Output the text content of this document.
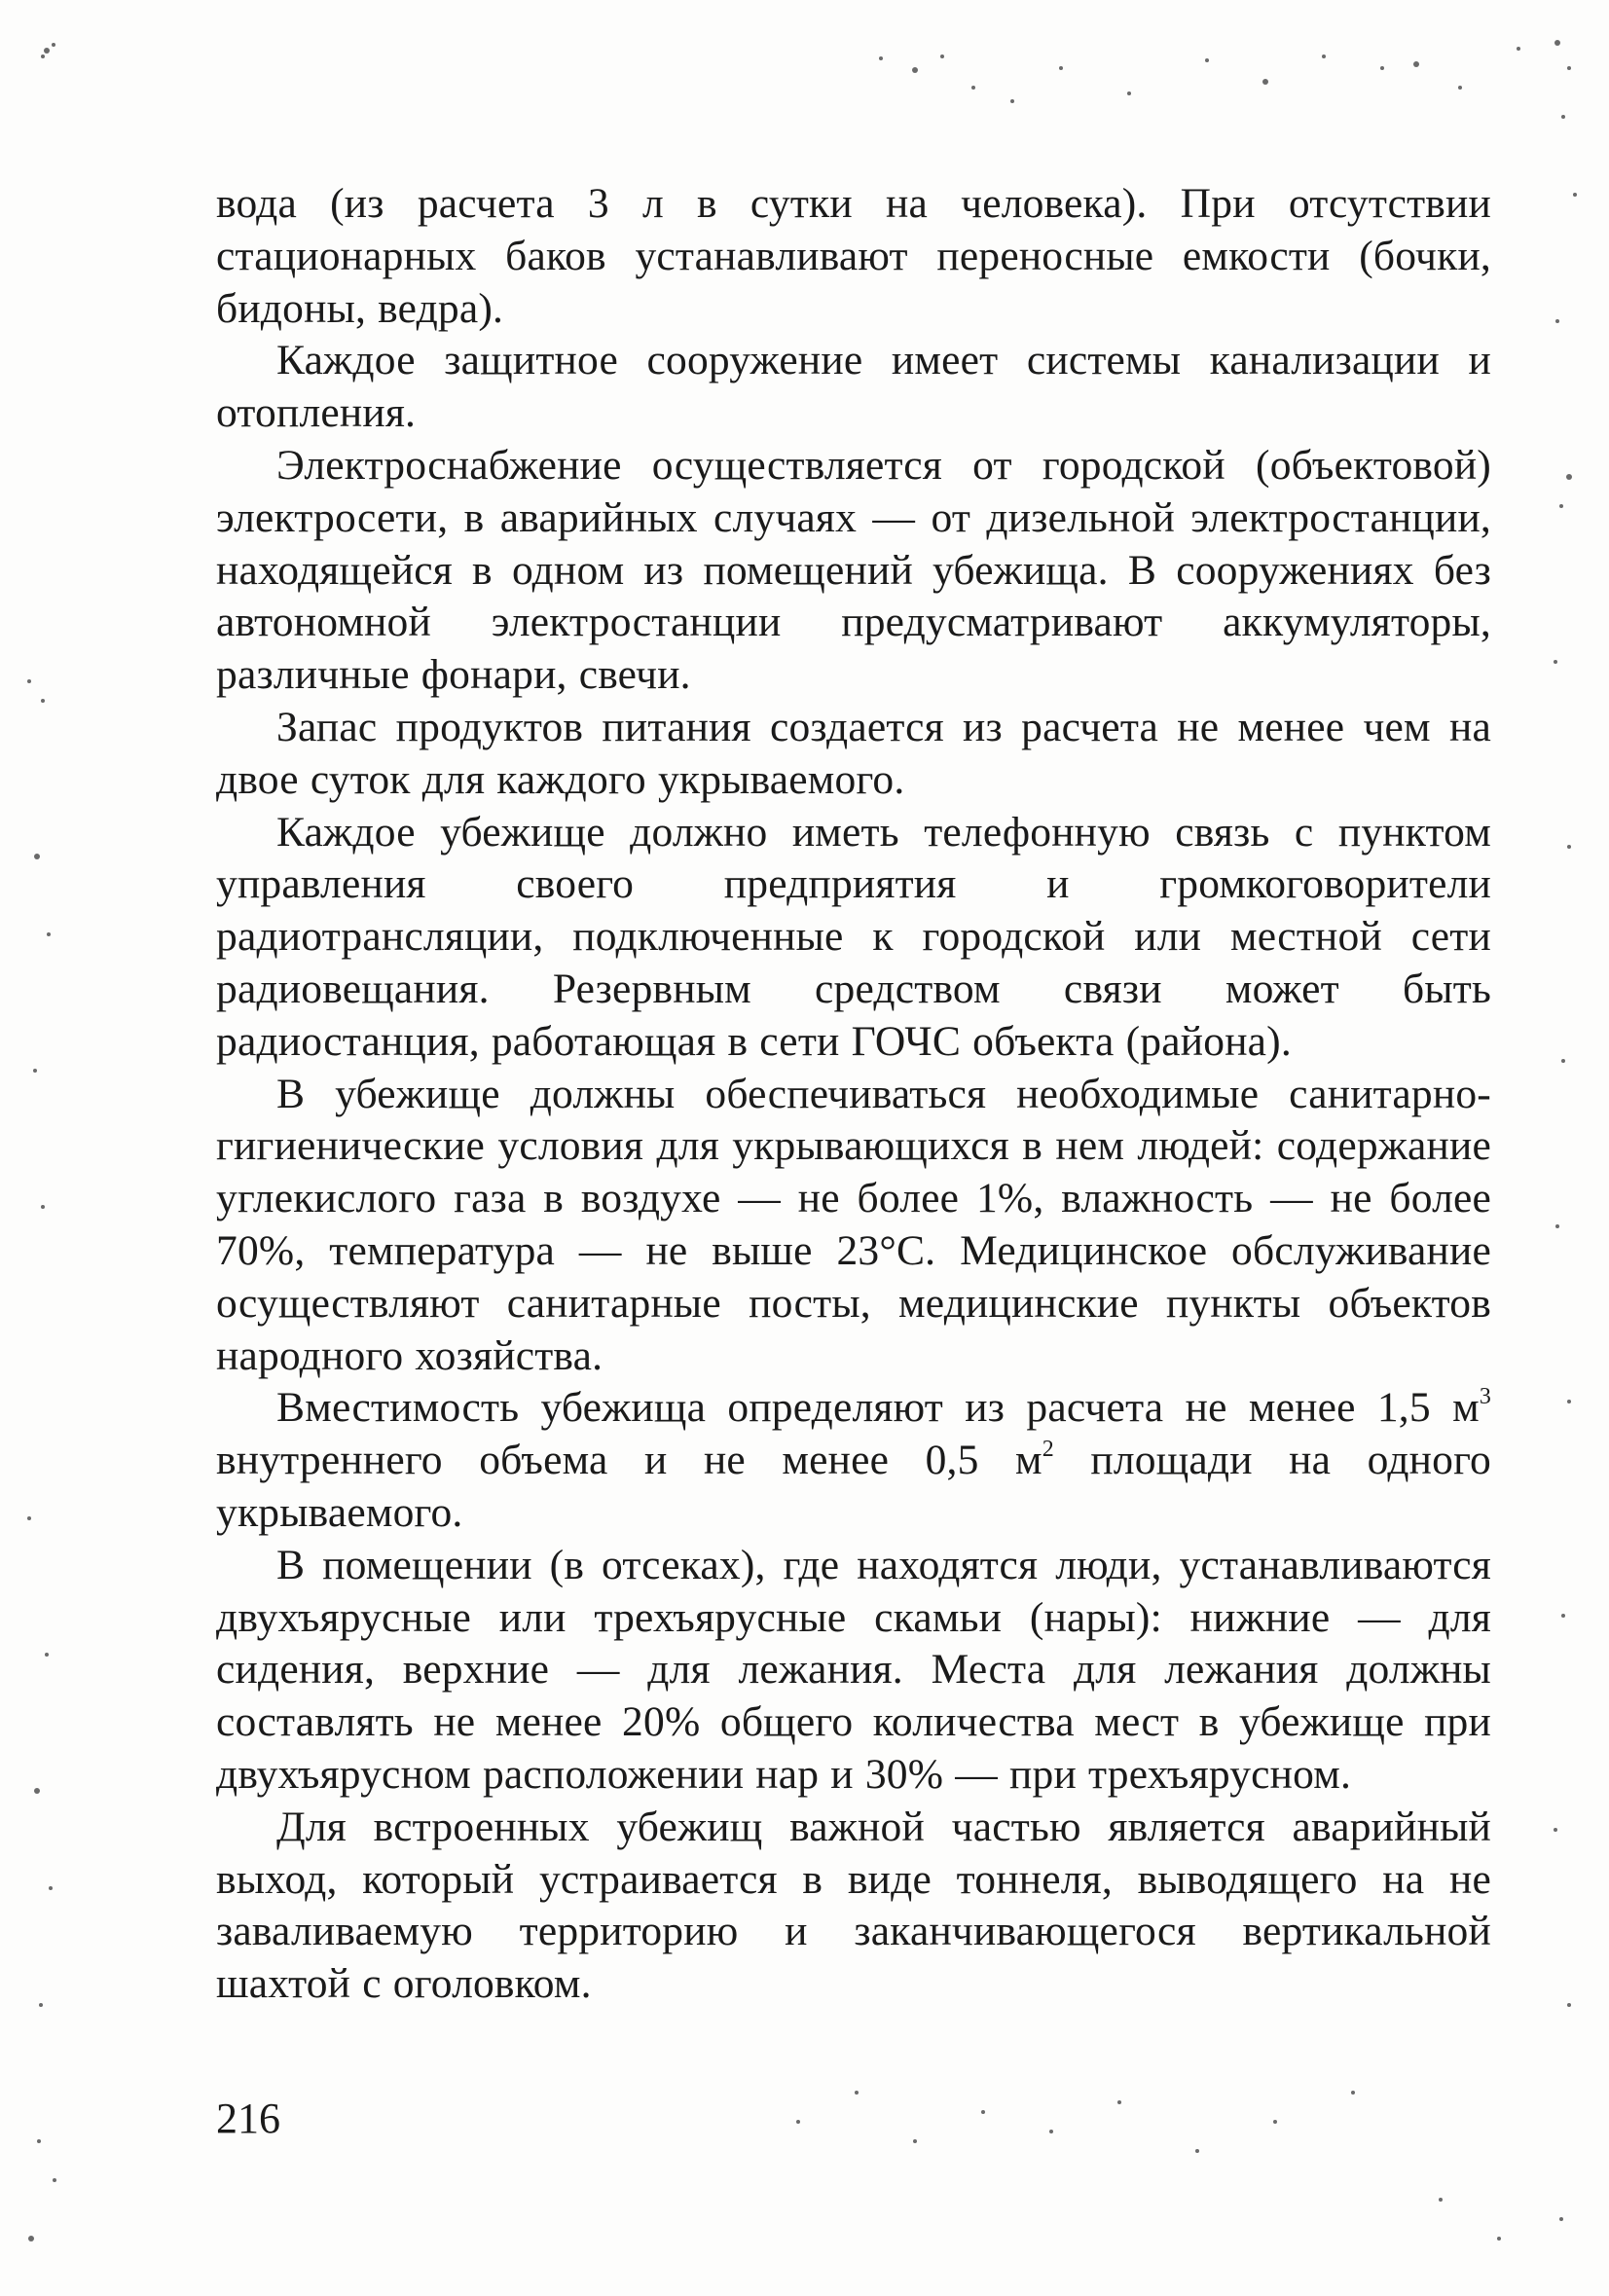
вода (из расчета 3 л в сутки на человека). При отсутствии стационарных баков устанавливают переносные емкости (бочки, бидоны, ведра).

Каждое защитное сооружение имеет системы канализации и отопления.

Электроснабжение осуществляется от городской (объектовой) электросети, в аварийных случаях — от дизельной электростанции, находящейся в одном из помещений убежища. В сооружениях без автономной электростанции предусматривают аккумуляторы, различные фонари, свечи.

Запас продуктов питания создается из расчета не менее чем на двое суток для каждого укрываемого.

Каждое убежище должно иметь телефонную связь с пунктом управления своего предприятия и громкоговорители радиотрансляции, подключенные к городской или местной сети радиовещания. Резервным средством связи может быть радиостанция, работающая в сети ГОЧС объекта (района).

В убежище должны обеспечиваться необходимые санитарно-гигиенические условия для укрывающихся в нем людей: содержание углекислого газа в воздухе — не более 1%, влажность — не более 70%, температура — не выше 23°С. Медицинское обслуживание осуществляют санитарные посты, медицинские пункты объектов народного хозяйства.

Вместимость убежища определяют из расчета не менее 1,5 $м^3$ внутреннего объема и не менее 0,5 $м^2$ площади на одного укрываемого.

В помещении (в отсеках), где находятся люди, устанавливаются двухъярусные или трехъярусные скамьи (нары): нижние — для сидения, верхние — для лежания. Места для лежания должны составлять не менее 20% общего количества мест в убежище при двухъярусном расположении нар и 30% — при трехъярусном.

Для встроенных убежищ важной частью является аварийный выход, который устраивается в виде тоннеля, выводящего на не заваливаемую территорию и заканчивающегося вертикальной шахтой с оголовком.

216
